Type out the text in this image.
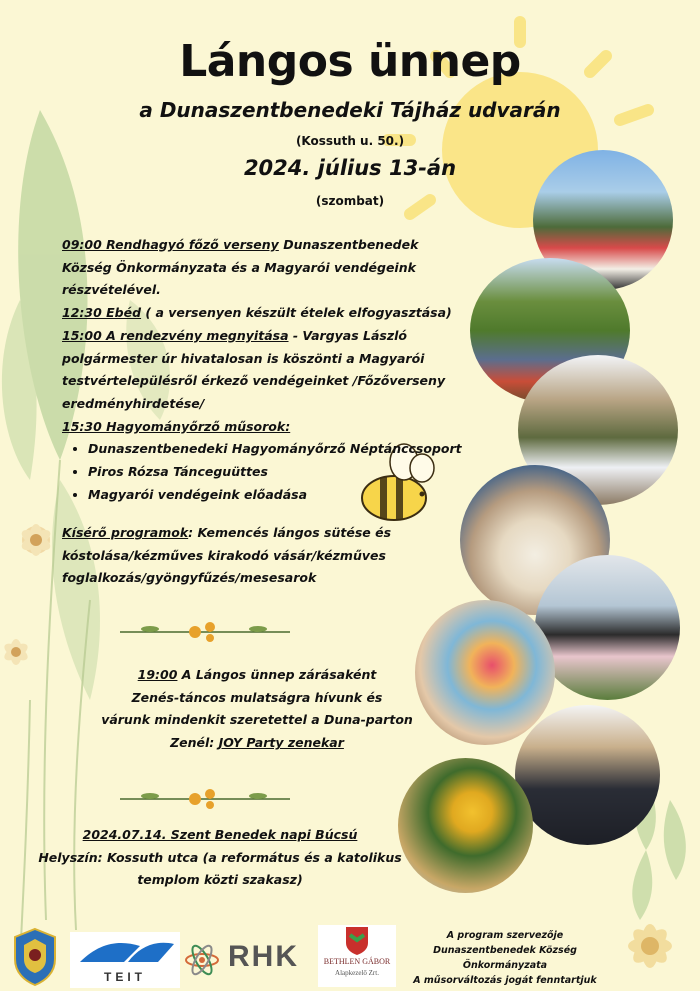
Lángos ünnep
a Dunaszentbenedeki Tájház udvarán
(Kossuth u. 50.)
2024. július 13-án
(szombat)

09:00 Rendhagyó főző verseny Dunaszentbenedek Község Önkormányzata és a Magyarói vendégeink részvételével.

12:30 Ebéd ( a versenyen készült ételek elfogyasztása)

15:00 A rendezvény megnyitása - Vargyas László polgármester úr hivatalosan is köszönti a Magyarói testvértelepülésről érkező vendégeinket /Főzőverseny eredményhirdetése/

15:30 Hagyományőrző műsorok:

• Dunaszentbenedeki Hagyományőrző Néptánccsoport
• Piros Rózsa Tánceguüttes
• Magyarói vendégeink előadása

Kísérő programok: Kemencés lángos sütése és kóstolása/kézműves kirakodó vásár/kézműves foglalkozás/gyöngyfűzés/mesesarok

19:00 A Lángos ünnep zárásaként

Zenés-táncos mulatságra hívunk és

várunk mindenkit szeretettel a Duna-parton

Zenél: JOY Party zenekar

2024.07.14. Szent Benedek napi Búcsú

Helyszín: Kossuth utca (a református és a katolikus

templom közti szakasz)

A program szervezője Dunaszentbenedek Község

Önkormányzata

A műsorváltozás jogát fenntartjuk

TEIT
RHK	BETHLEN GÁBOR
Alapkezelő Zrt.
